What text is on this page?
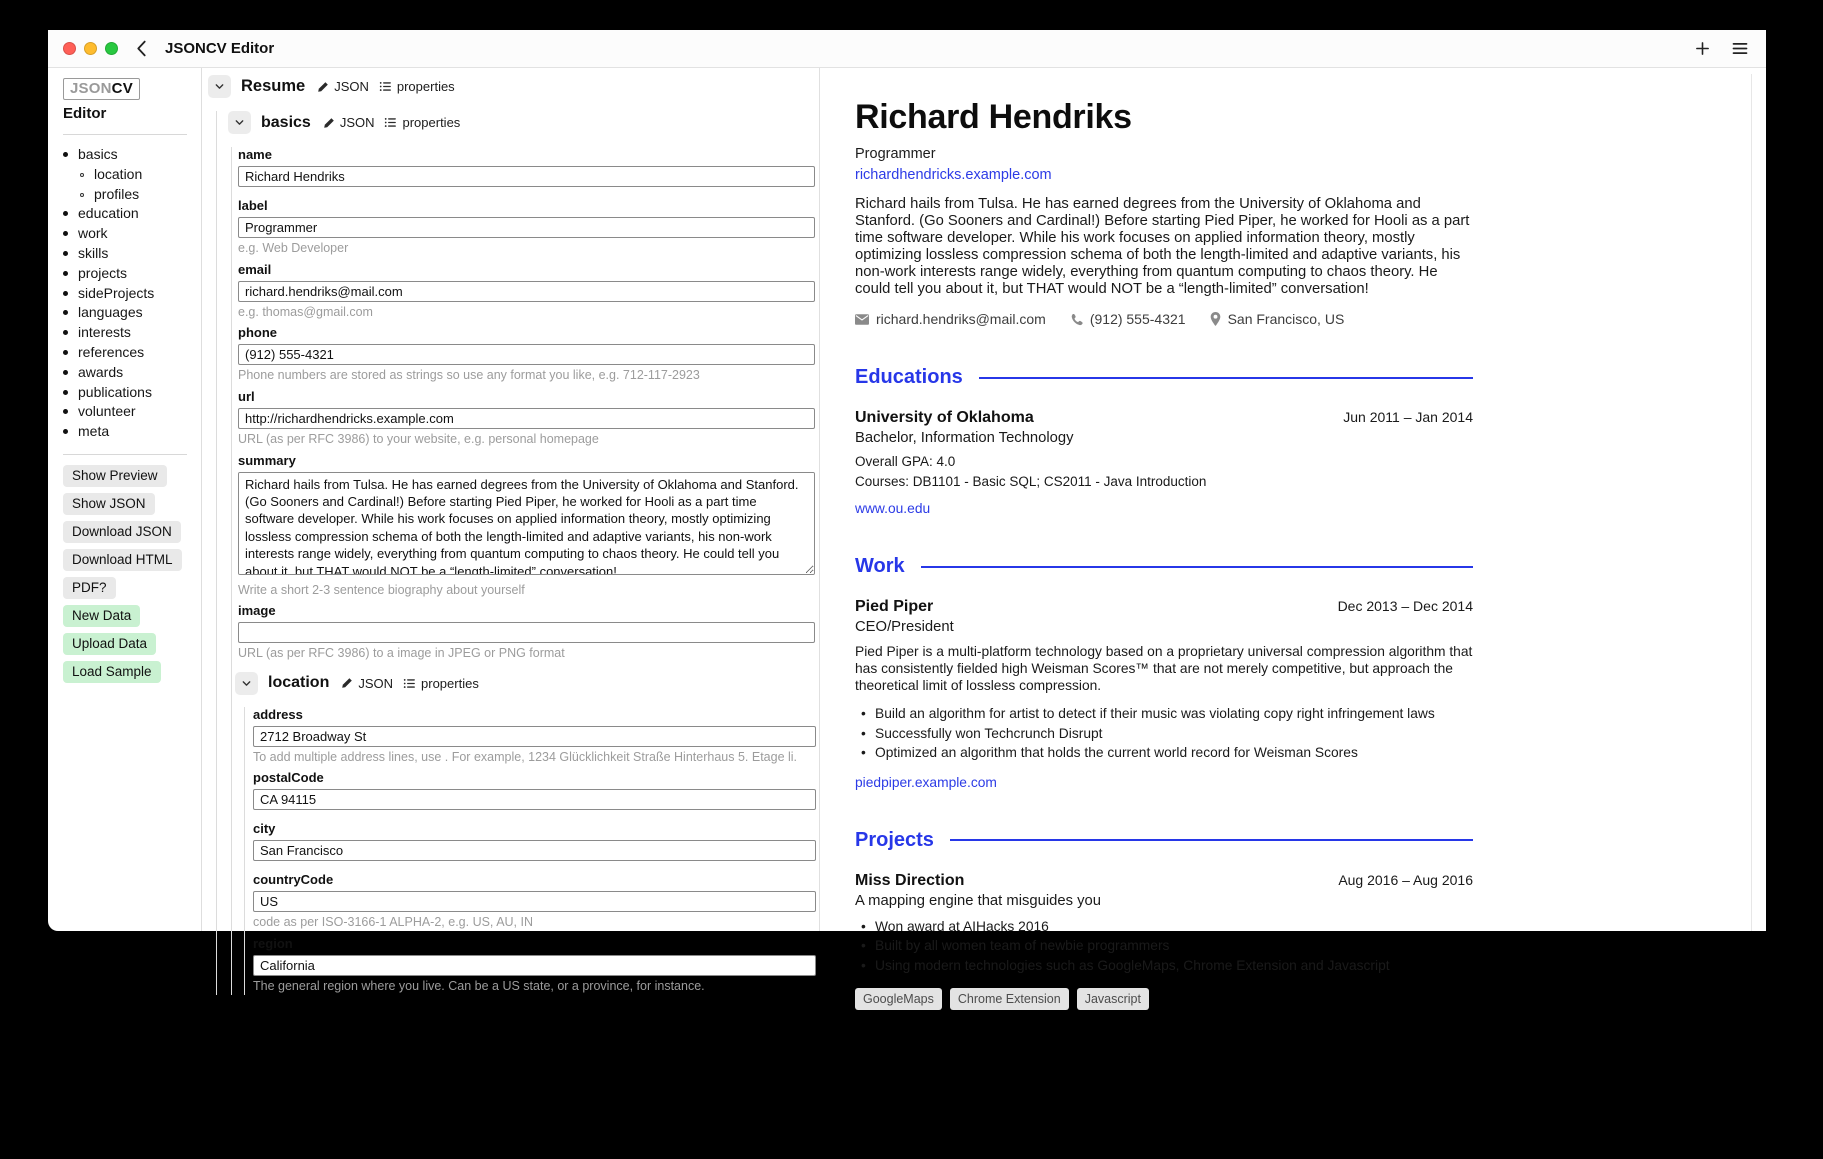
JSONCV Editor
JSONCV
Editor
basics
location
profiles
education
work
skills
projects
sideProjects
languages
interests
references
awards
publications
volunteer
meta
Show Preview
Show JSON
Download JSON
Download HTML
PDF?
New Data
Upload Data
Load Sample
Resume JSON properties
basics JSON properties
name
Richard Hendriks
label
Programmer
e.g. Web Developer
email
richard.hendriks@mail.com
e.g. thomas@gmail.com
phone
(912) 555-4321
Phone numbers are stored as strings so use any format you like, e.g. 712-117-2923
url
http://richardhendricks.example.com
URL (as per RFC 3986) to your website, e.g. personal homepage
summary
Richard hails from Tulsa. He has earned degrees from the University of Oklahoma and Stanford. (Go Sooners and Cardinal!) Before starting Pied Piper, he worked for Hooli as a part time software developer. While his work focuses on applied information theory, mostly optimizing lossless compression schema of both the length-limited and adaptive variants, his non-work interests range widely, everything from quantum computing to chaos theory. He could tell you about it, but THAT would NOT be a “length-limited” conversation!
Write a short 2-3 sentence biography about yourself
image
URL (as per RFC 3986) to a image in JPEG or PNG format
location JSON properties
address
2712 Broadway St
To add multiple address lines, use . For example, 1234 Glücklichkeit Straße Hinterhaus 5. Etage li.
postalCode
CA 94115
city
San Francisco
countryCode
US
code as per ISO-3166-1 ALPHA-2, e.g. US, AU, IN
region
California
The general region where you live. Can be a US state, or a province, for instance.
Richard Hendriks
Programmer
richardhendricks.example.com

Richard hails from Tulsa. He has earned degrees from the University of Oklahoma and Stanford. (Go Sooners and Cardinal!) Before starting Pied Piper, he worked for Hooli as a part time software developer. While his work focuses on applied information theory, mostly optimizing lossless compression schema of both the length-limited and adaptive variants, his non-work interests range widely, everything from quantum computing to chaos theory. He could tell you about it, but THAT would NOT be a “length-limited” conversation!

richard.hendriks@mail.com	(912) 555-4321	San Francisco, US
Educations
University of Oklahoma	Jun 2011 – Jan 2014
Bachelor, Information Technology
Overall GPA: 4.0
Courses: DB1101 - Basic SQL; CS2011 - Java Introduction
www.ou.edu
Work
Pied Piper	Dec 2013 – Dec 2014
CEO/President

Pied Piper is a multi-platform technology based on a proprietary universal compression algorithm that has consistently fielded high Weisman Scores™ that are not merely competitive, but approach the theoretical limit of lossless compression.

• Build an algorithm for artist to detect if their music was violating copy right infringement laws
• Successfully won Techcrunch Disrupt
• Optimized an algorithm that holds the current world record for Weisman Scores
piedpiper.example.com
Projects
Miss Direction	Aug 2016 – Aug 2016
A mapping engine that misguides you
• Won award at AIHacks 2016
• Built by all women team of newbie programmers
• Using modern technologies such as GoogleMaps, Chrome Extension and Javascript
GoogleMaps	Chrome Extension	Javascript
